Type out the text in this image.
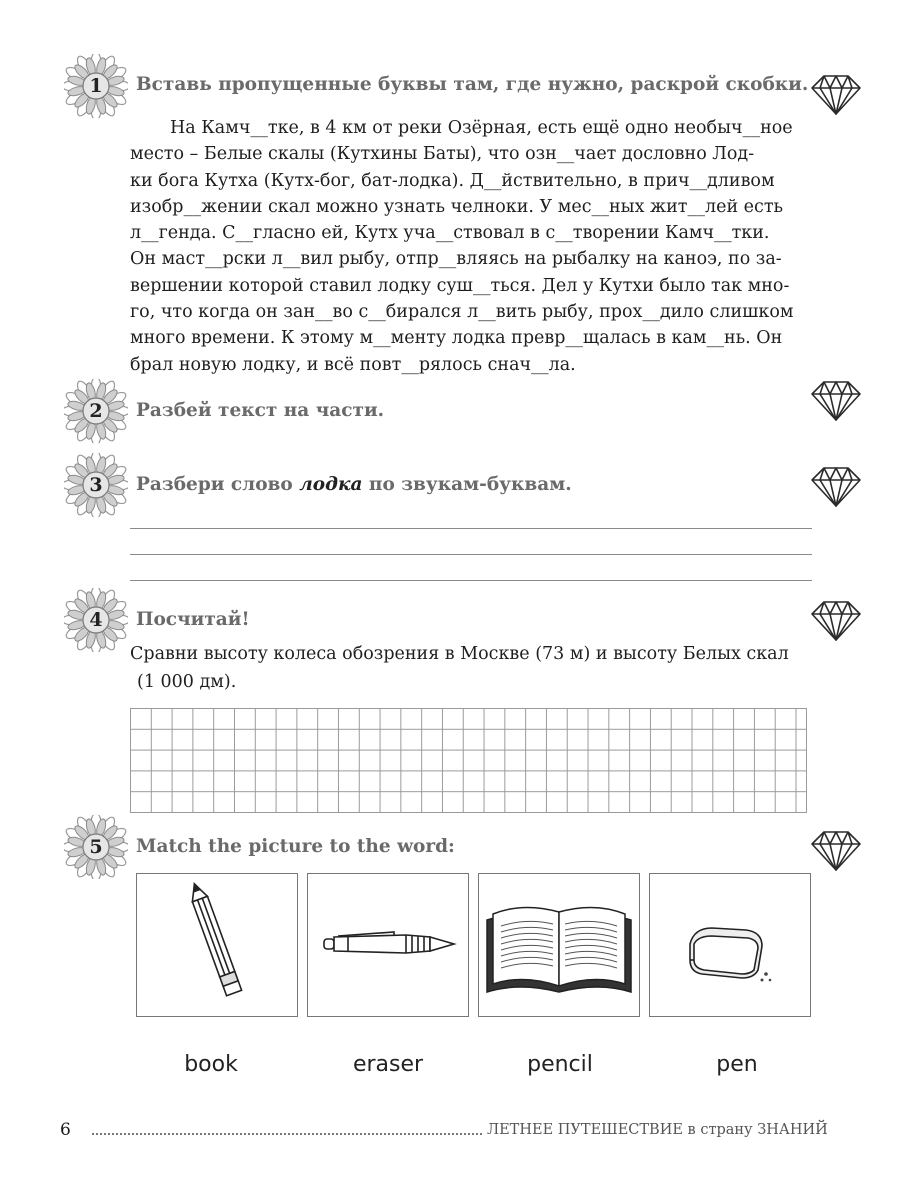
1	Вставь пропущенные буквы там, где нужно, раскрой скобки.
На Камч__тке, в 4 км от реки Озёрная, есть ещё одно необыч__ное
место – Белые скалы (Кутхины Баты), что озн__чает дословно Лод-
ки бога Кутха (Кутх-бог, бат-лодка). Д__йствительно, в прич__дливом
изобр__жении скал можно узнать челноки. У мес__ных жит__лей есть
л__генда. С__гласно ей, Кутх уча__ствовал в с__творении Камч__тки.
Он маст__рски л__вил рыбу, отпр__вляясь на рыбалку на каноэ, по за-
вершении которой ставил лодку суш__ться. Дел у Кутхи было так мно-
го, что когда он зан__во с__бирался л__вить рыбу, прох__дило слишком
много времени. К этому м__менту лодка превр__щалась в кам__нь. Он
брал новую лодку, и всё повт__рялось снач__ла.
2	Разбей текст на части.
3	Разбери слово лодка по звукам-буквам.
4	Посчитай!
Сравни высоту колеса обозрения в Москве (73 м) и высоту Белых скал
(1 000 дм).
5	Match the picture to the word:
book	eraser	pencil	pen
6	ЛЕТНЕЕ ПУТЕШЕСТВИЕ в страну ЗНАНИЙ
